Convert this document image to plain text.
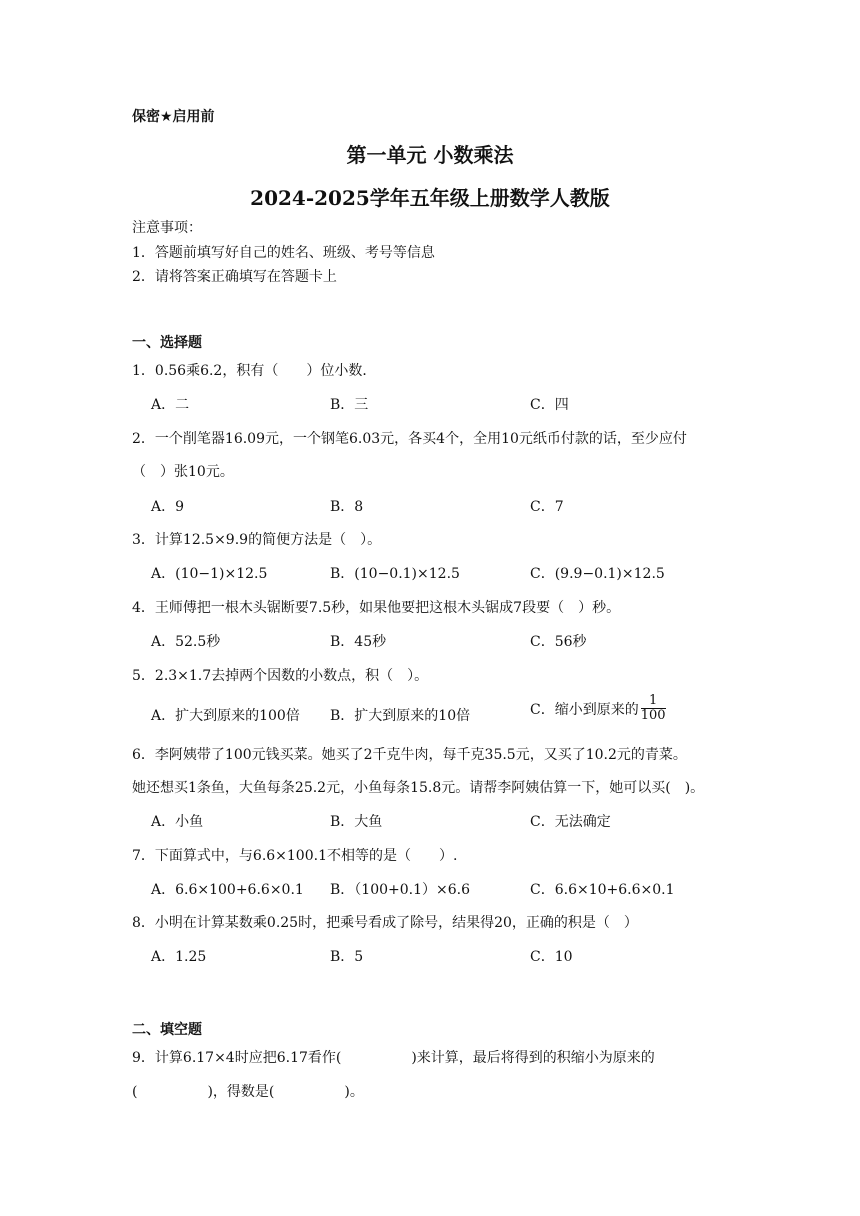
保密★启用前
第一单元 小数乘法
2024-2025学年五年级上册数学人教版
注意事项：
1．答题前填写好自己的姓名、班级、考号等信息
2．请将答案正确填写在答题卡上
一、选择题
1．0.56乘6.2，积有（　　）位小数．
A．二	B．三	C．四
2．一个削笔器16.09元，一个钢笔6.03元，各买4个，全用10元纸币付款的话，至少应付
（　）张10元。
A．9	B．8	C．7
3．计算12.5×9.9的简便方法是（　）。
A．(10−1)×12.5	B．(10−0.1)×12.5	C．(9.9−0.1)×12.5
4．王师傅把一根木头锯断要7.5秒，如果他要把这根木头锯成7段要（　）秒。
A．52.5秒	B．45秒	C．56秒
5．2.3×1.7去掉两个因数的小数点，积（　）。
A．扩大到原来的100倍 B．扩大到原来的10倍	C．缩小到原来的 $\frac{1}{100}$
6．李阿姨带了100元钱买菜。她买了2千克牛肉，每千克35.5元，又买了10.2元的青菜。
她还想买1条鱼，大鱼每条25.2元，小鱼每条15.8元。请帮李阿姨估算一下，她可以买(　)。
A．小鱼	B．大鱼	C．无法确定
7．下面算式中，与6.6×100.1不相等的是（　　）.
A．6.6×100+6.6×0.1 B．（100+0.1）×6.6	C．6.6×10+6.6×0.1
8．小明在计算某数乘0.25时，把乘号看成了除号，结果得20，正确的积是（　）
A．1.25	B．5	C．10
二、填空题
9．计算6.17×4时应把6.17看作(　　　　　)来计算，最后将得到的积缩小为原来的
(　　　　　)，得数是(　　　　　)。
